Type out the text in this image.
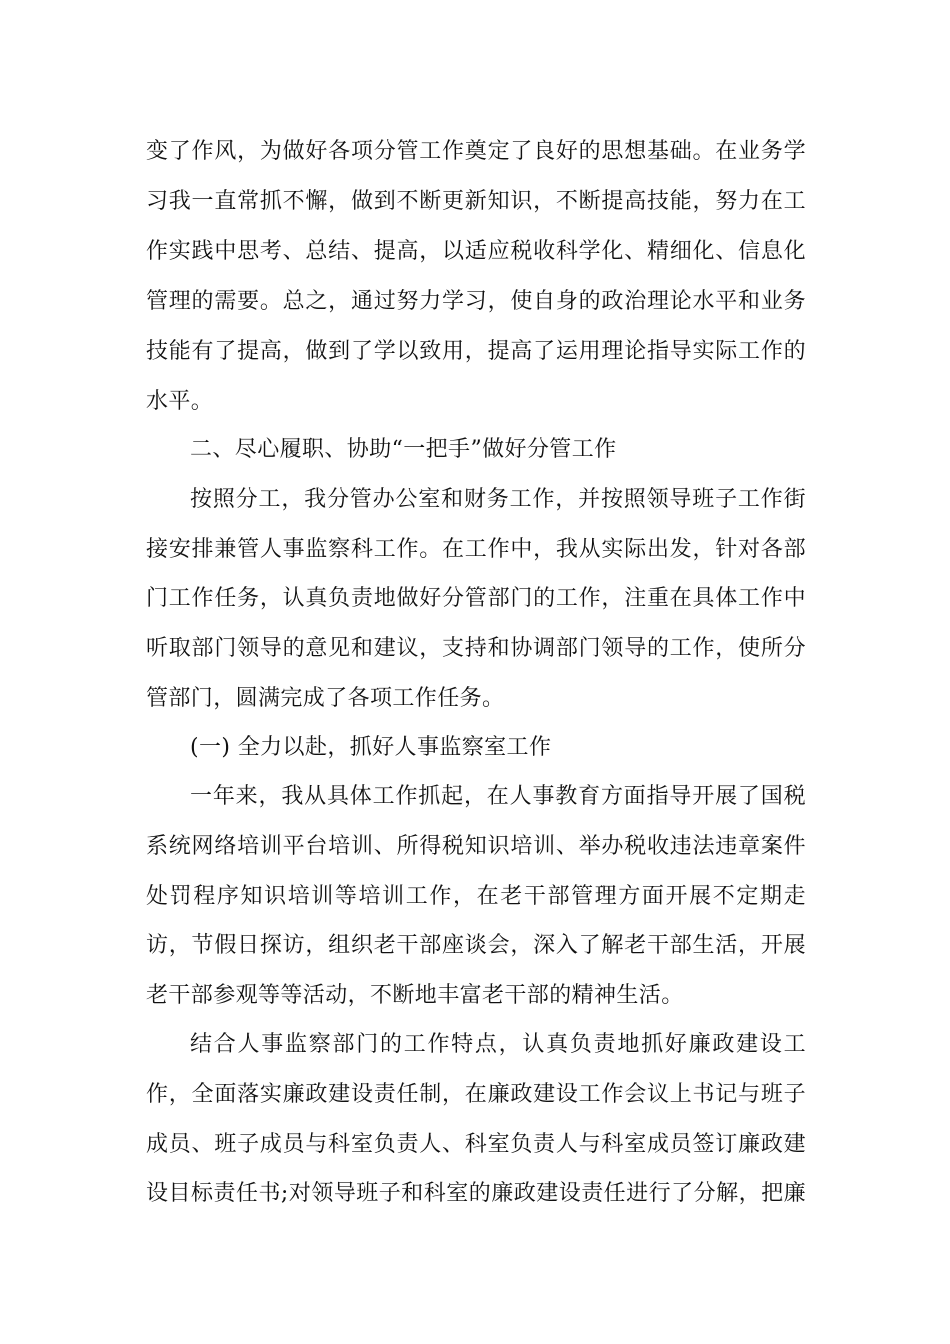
变了作风，为做好各项分管工作奠定了良好的思想基础。在业务学
习我一直常抓不懈，做到不断更新知识，不断提高技能，努力在工
作实践中思考、总结、提高，以适应税收科学化、精细化、信息化
管理的需要。总之，通过努力学习，使自身的政治理论水平和业务
技能有了提高，做到了学以致用，提高了运用理论指导实际工作的
水平。
二、尽心履职、协助“一把手”做好分管工作
按照分工，我分管办公室和财务工作，并按照领导班子工作街
接安排兼管人事监察科工作。在工作中，我从实际出发，针对各部
门工作任务，认真负责地做好分管部门的工作，注重在具体工作中
听取部门领导的意见和建议，支持和协调部门领导的工作，使所分
管部门，圆满完成了各项工作任务。
(一) 全力以赴，抓好人事监察室工作
一年来，我从具体工作抓起，在人事教育方面指导开展了国税
系统网络培训平台培训、所得税知识培训、举办税收违法违章案件
处罚程序知识培训等培训工作，在老干部管理方面开展不定期走
访，节假日探访，组织老干部座谈会，深入了解老干部生活，开展
老干部参观等等活动，不断地丰富老干部的精神生活。
结合人事监察部门的工作特点，认真负责地抓好廉政建设工
作，全面落实廉政建设责任制，在廉政建设工作会议上书记与班子
成员、班子成员与科室负责人、科室负责人与科室成员签订廉政建
设目标责任书;对领导班子和科室的廉政建设责任进行了分解，把廉
